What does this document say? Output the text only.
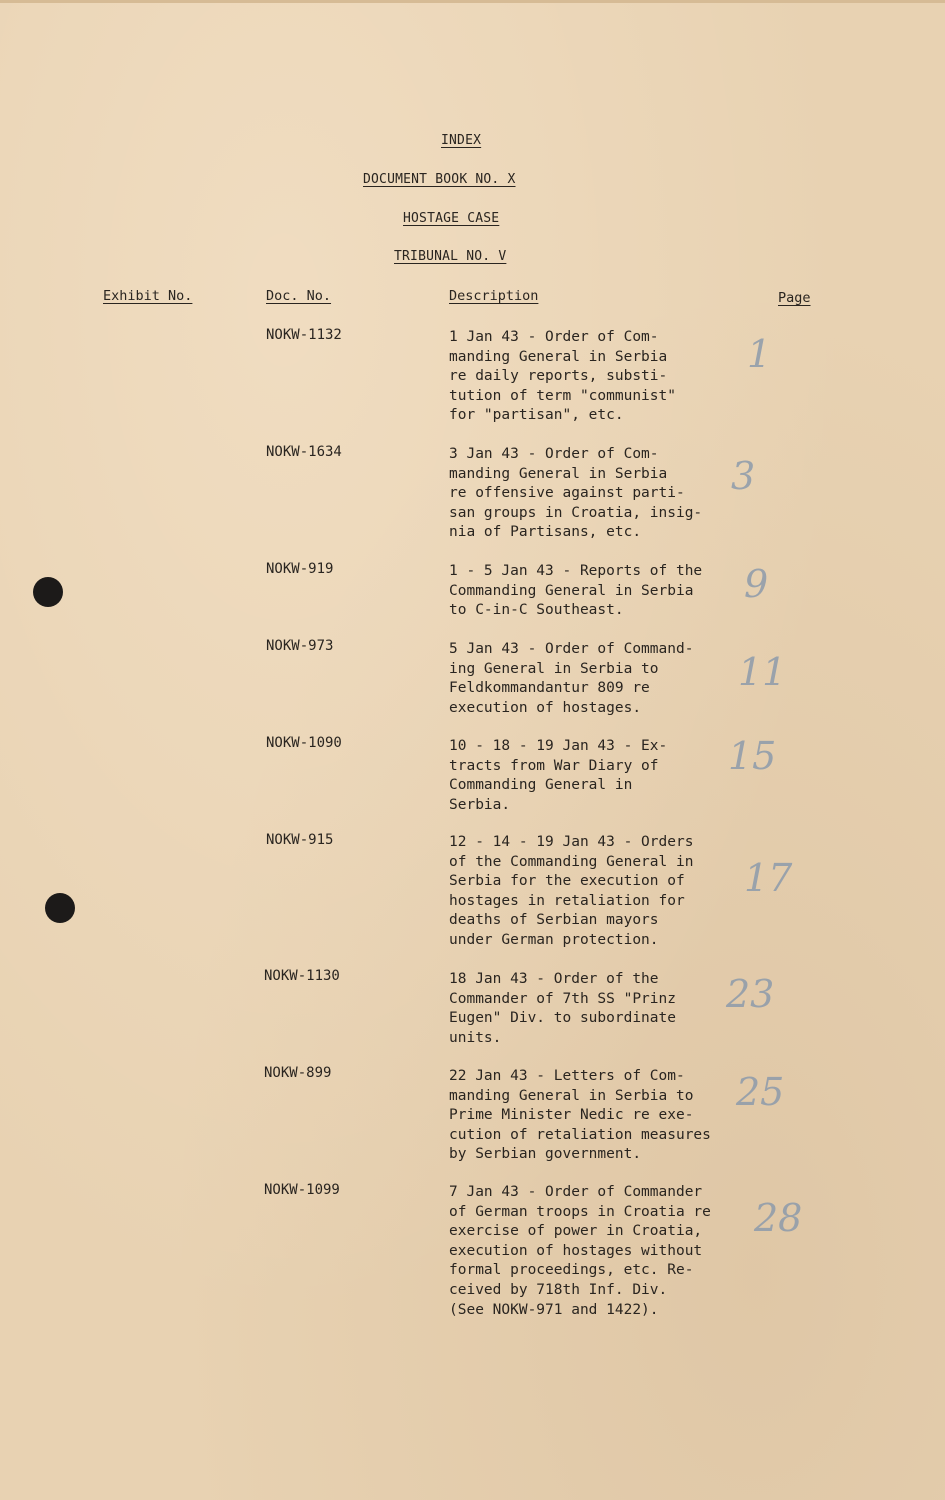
INDEX
DOCUMENT BOOK NO. X
HOSTAGE CASE
TRIBUNAL NO. V
Exhibit No.	Doc. No.	Description	Page
NOKW-1132	1 Jan 43 - Order of Com-
manding General in Serbia
re daily reports, substi-
tution of term "communist"
for "partisan", etc.
1
NOKW-1634	3 Jan 43 - Order of Com-
manding General in Serbia
re offensive against parti-
san groups in Croatia, insig-
nia of Partisans, etc.
3
NOKW-919	1 - 5 Jan 43 - Reports of the
Commanding General in Serbia
to C-in-C Southeast.
9
NOKW-973	5 Jan 43 - Order of Command-
ing General in Serbia to
Feldkommandantur 809 re
execution of hostages.
11
NOKW-1090	10 - 18 - 19 Jan 43 - Ex-
tracts from War Diary of
Commanding General in
Serbia.
15
NOKW-915	12 - 14 - 19 Jan 43 - Orders
of the Commanding General in
Serbia for the execution of
hostages in retaliation for
deaths of Serbian mayors
under German protection.
17
NOKW-1130	18 Jan 43 - Order of the
Commander of 7th SS "Prinz
Eugen" Div. to subordinate
units.
23
NOKW-899	22 Jan 43 - Letters of Com-
manding General in Serbia to
Prime Minister Nedic re exe-
cution of retaliation measures
by Serbian government.
25
NOKW-1099	7 Jan 43 - Order of Commander
of German troops in Croatia re
exercise of power in Croatia,
execution of hostages without
formal proceedings, etc. Re-
ceived by 718th Inf. Div.
(See NOKW-971 and 1422).
28
